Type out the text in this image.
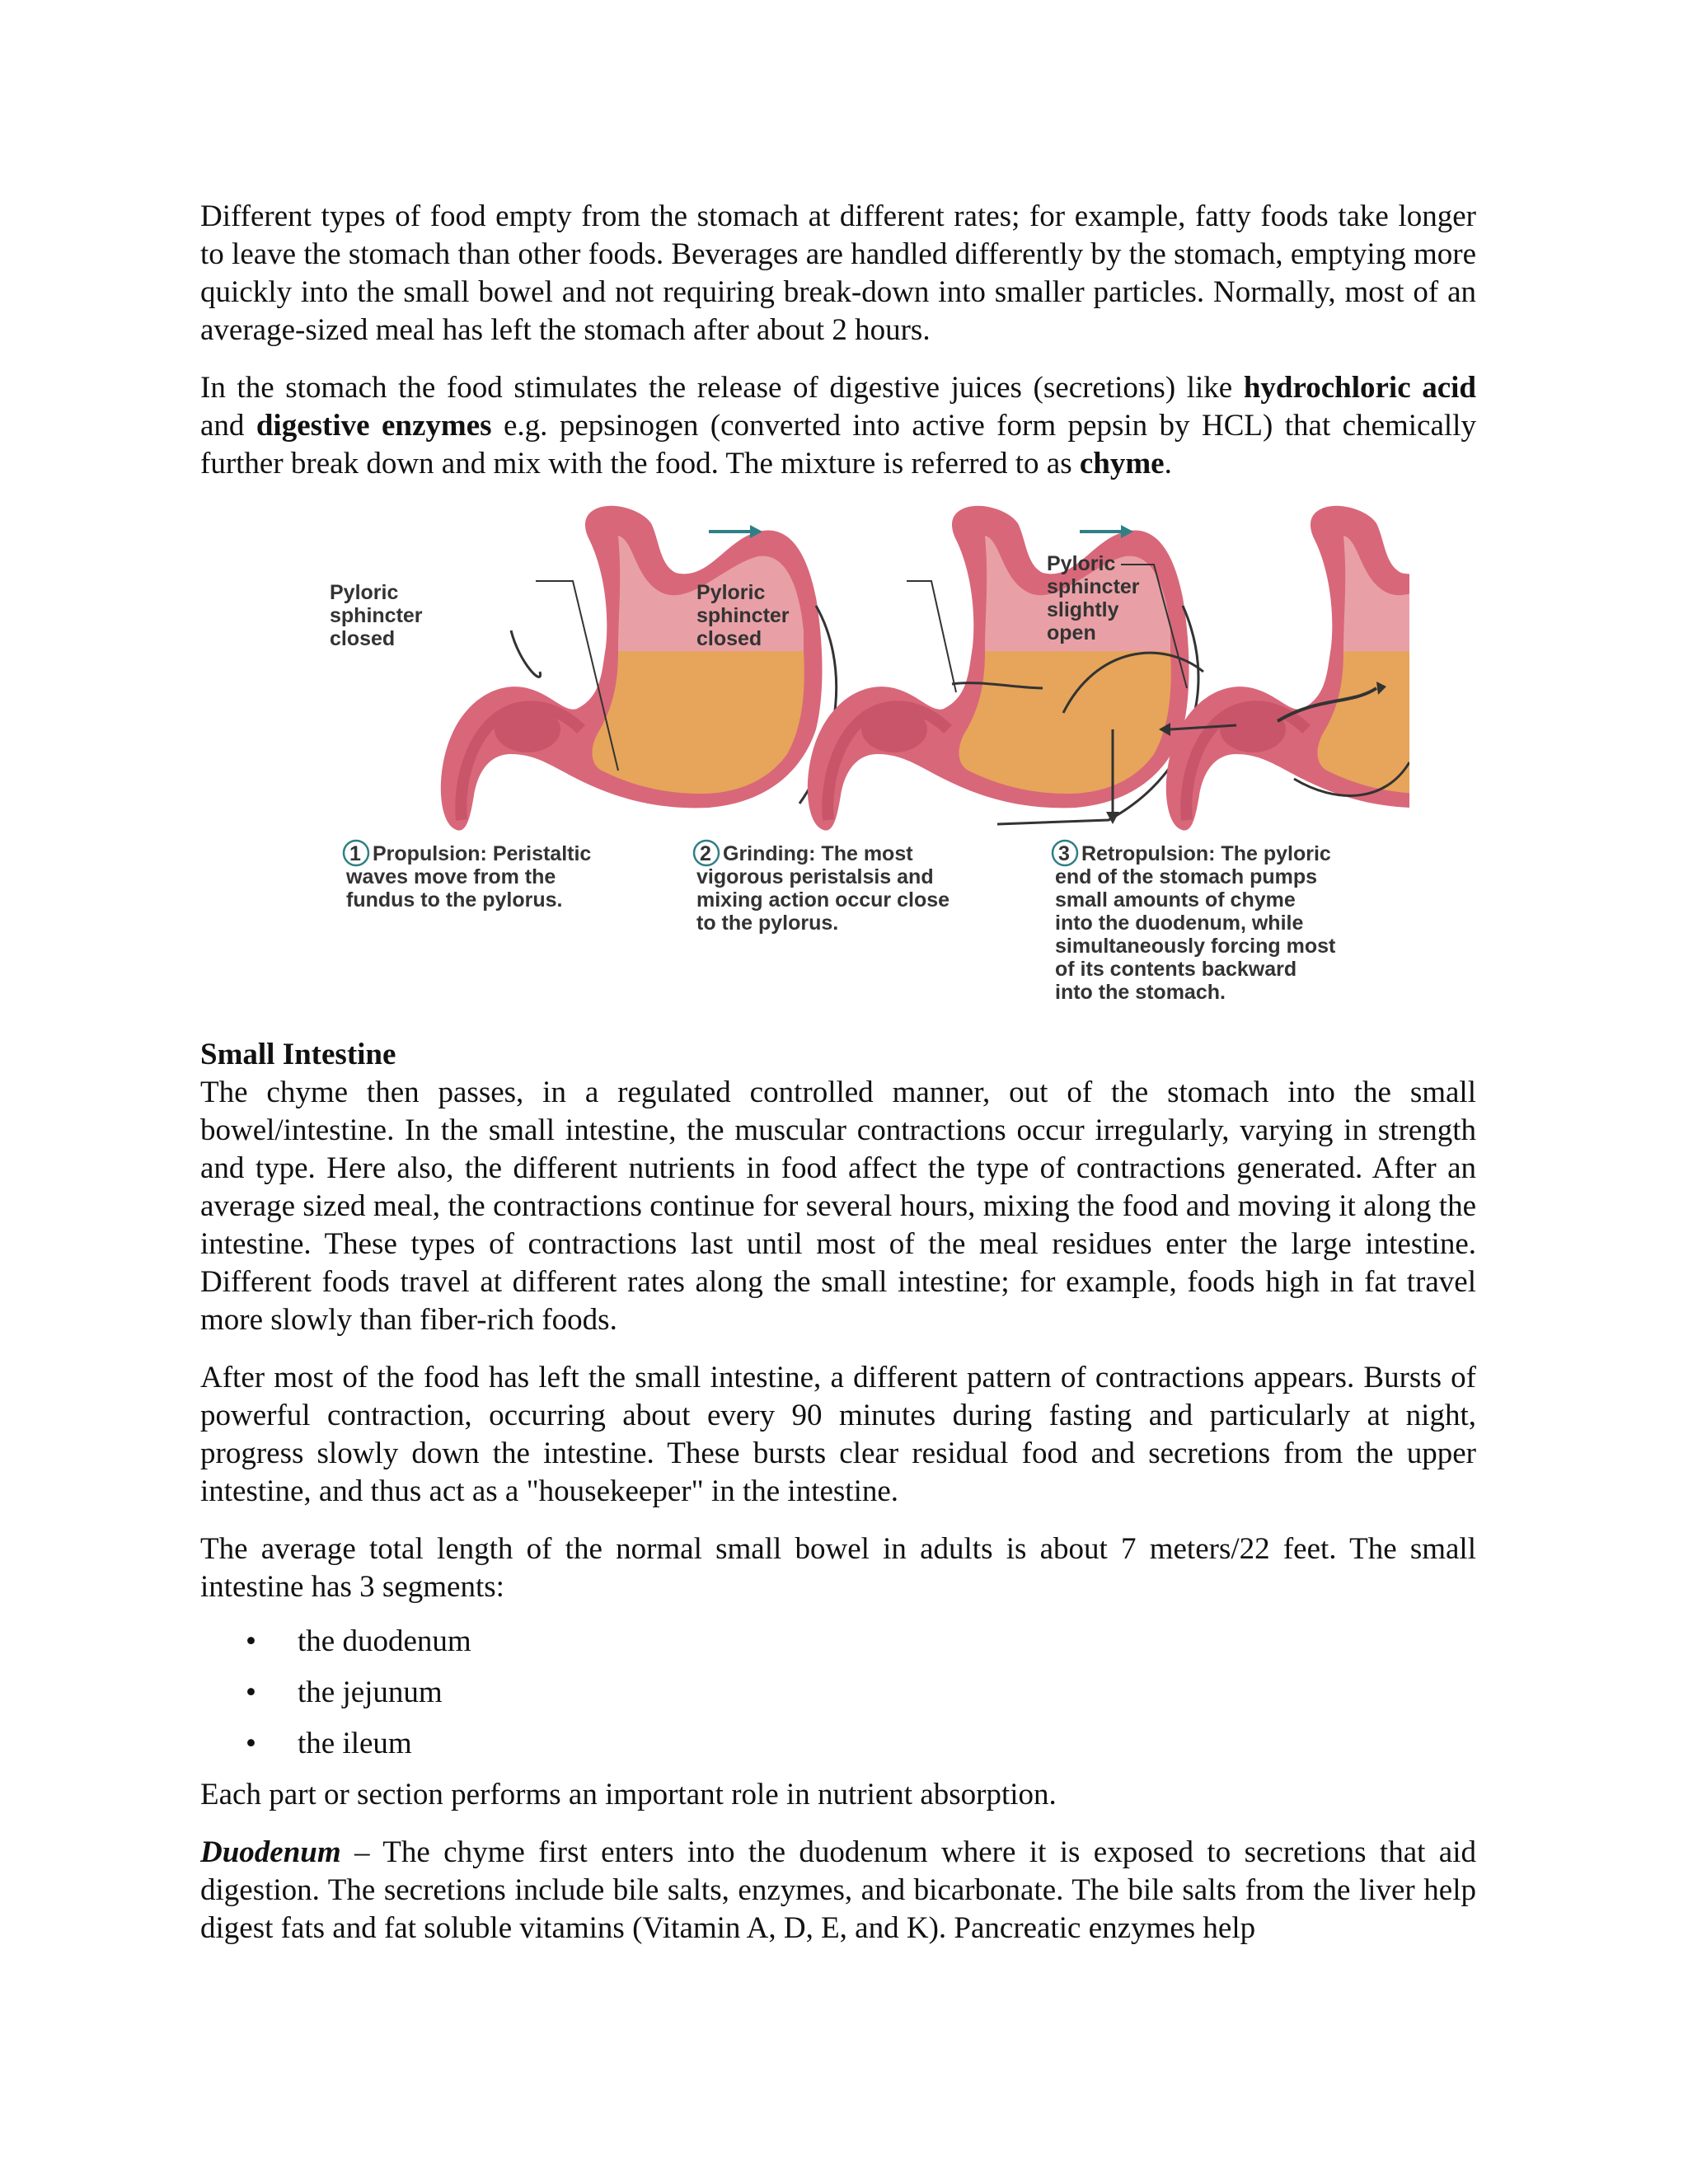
Different types of food empty from the stomach at different rates; for example, fatty foods take longer to leave the stomach than other foods. Beverages are handled differently by the stomach, emptying more quickly into the small bowel and not requiring break-down into smaller particles. Normally, most of an average-sized meal has left the stomach after about 2 hours.

In the stomach the food stimulates the release of digestive juices (secretions) like hydrochloric acid and digestive enzymes e.g. pepsinogen (converted into active form pepsin by HCL) that chemically further break down and mix with the food. The mixture is referred to as chyme.

Pyloric
sphincter
closed
1 Propulsion: Peristaltic
waves move from the
fundus to the pylorus.
Pyloric
sphincter
closed
2 Grinding: The most
vigorous peristalsis and
mixing action occur close
to the pylorus.
Pyloric
sphincter
slightly
open
3 Retropulsion: The pyloric
end of the stomach pumps
small amounts of chyme
into the duodenum, while
simultaneously forcing most
of its contents backward
into the stomach.
Small Intestine

The chyme then passes, in a regulated controlled manner, out of the stomach into the small bowel/intestine. In the small intestine, the muscular contractions occur irregularly, varying in strength and type. Here also, the different nutrients in food affect the type of contractions generated. After an average sized meal, the contractions continue for several hours, mixing the food and moving it along the intestine. These types of contractions last until most of the meal residues enter the large intestine. Different foods travel at different rates along the small intestine; for example, foods high in fat travel more slowly than fiber-rich foods.

After most of the food has left the small intestine, a different pattern of contractions appears. Bursts of powerful contraction, occurring about every 90 minutes during fasting and particularly at night, progress slowly down the intestine. These bursts clear residual food and secretions from the upper intestine, and thus act as a "housekeeper" in the intestine.

The average total length of the normal small bowel in adults is about 7 meters/22 feet. The small intestine has 3 segments:

• the duodenum
• the jejunum
• the ileum

Each part or section performs an important role in nutrient absorption.

Duodenum – The chyme first enters into the duodenum where it is exposed to secretions that aid digestion. The secretions include bile salts, enzymes, and bicarbonate. The bile salts from the liver help digest fats and fat soluble vitamins (Vitamin A, D, E, and K). Pancreatic enzymes help
